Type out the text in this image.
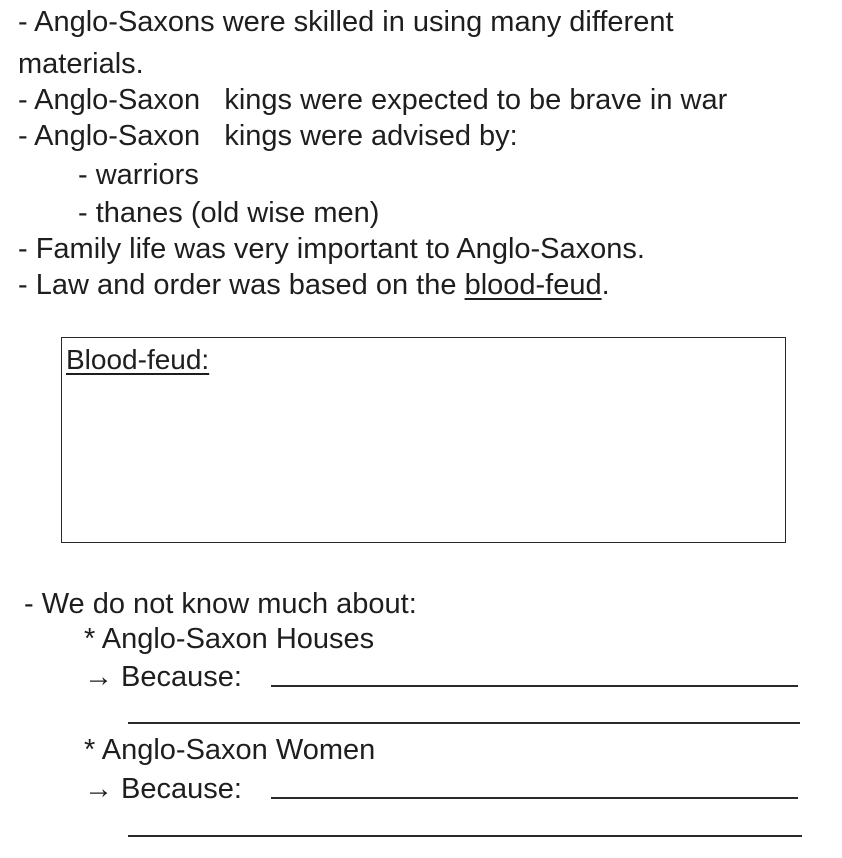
- Anglo-Saxons were skilled in using many different

materials.

- Anglo-Saxon   kings were expected to be brave in war

- Anglo-Saxon   kings were advised by:

- warriors

- thanes (old wise men)

- Family life was very important to Anglo-Saxons.

- Law and order was based on the blood-feud.

Blood-feud:

- We do not know much about:

* Anglo-Saxon Houses

→ Because:

* Anglo-Saxon Women

→ Because:
